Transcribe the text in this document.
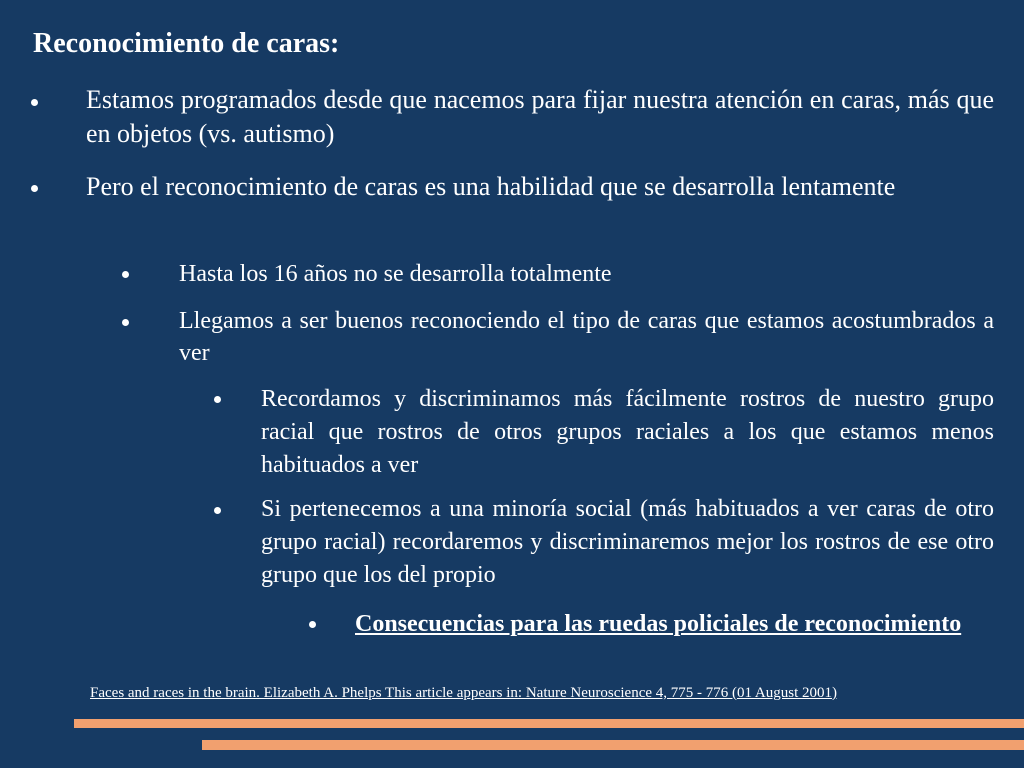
Reconocimiento de caras:
Estamos programados desde que nacemos para fijar nuestra atención en caras, más que en objetos (vs. autismo)
Pero el reconocimiento de caras es una habilidad que se desarrolla lentamente
Hasta los 16 años no se desarrolla totalmente
Llegamos a ser buenos reconociendo el tipo de caras que estamos acostumbrados a ver
Recordamos y discriminamos más fácilmente rostros de nuestro grupo racial que rostros de otros grupos raciales a los que estamos menos habituados a ver
Si pertenecemos a una minoría social (más habituados a ver caras de otro grupo racial) recordaremos y discriminaremos mejor los rostros de ese otro grupo que los del propio
Consecuencias para las ruedas policiales de reconocimiento
Faces and races in the brain. Elizabeth A. Phelps This article appears in: Nature Neuroscience 4, 775 - 776 (01 August 2001)
